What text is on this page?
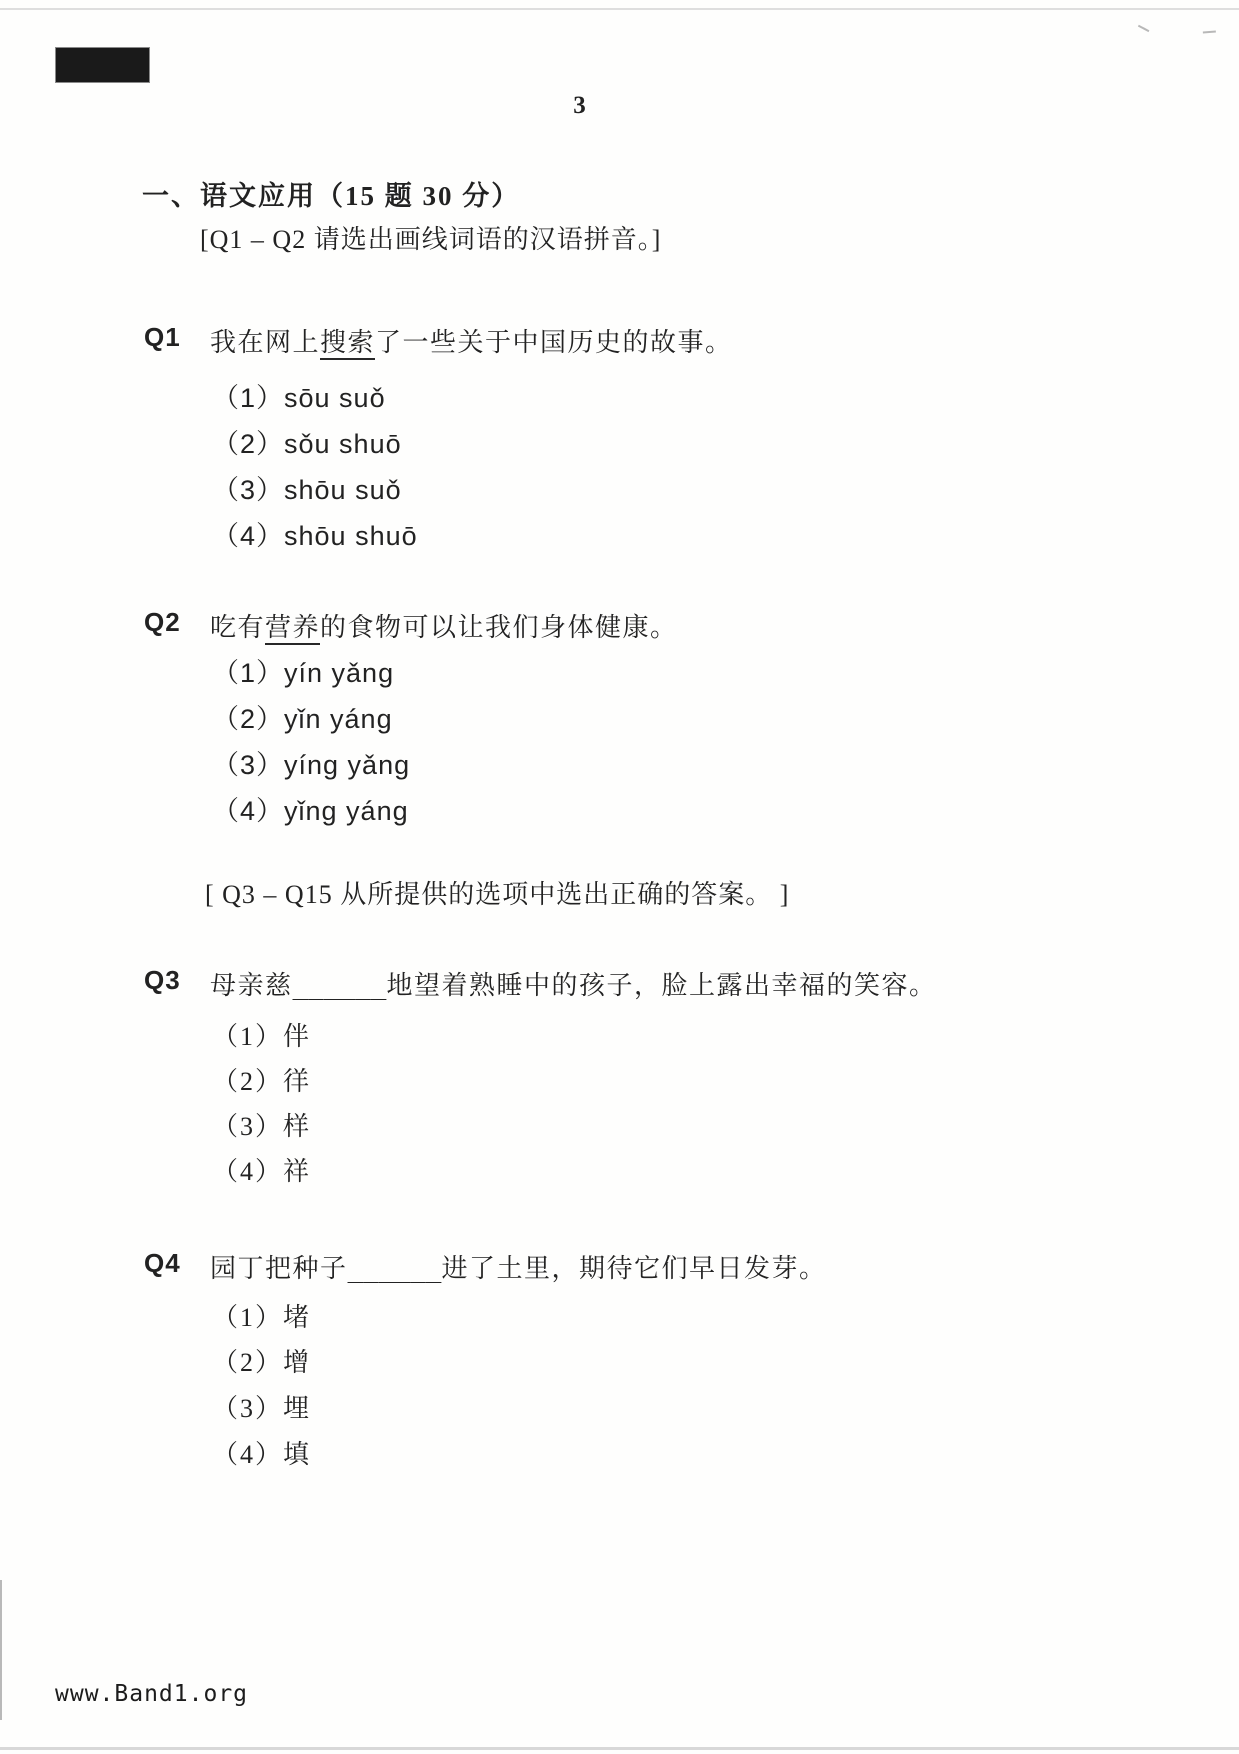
3
一、语文应用（15 题 30 分）
[Q1 – Q2 请选出画线词语的汉语拼音。]
Q1 我在网上搜索了一些关于中国历史的故事。
（1）sōu suǒ
（2）sǒu shuō
（3）shōu suǒ
（4）shōu shuō
Q2 吃有营养的食物可以让我们身体健康。
（1）yín yǎng
（2）yǐn yáng
（3）yíng yǎng
（4）yǐng yáng
[ Q3 – Q15 从所提供的选项中选出正确的答案。 ]
Q3 母亲慈______地望着熟睡中的孩子，脸上露出幸福的笑容。
（1）伴
（2）徉
（3）样
（4）祥
Q4 园丁把种子______进了土里，期待它们早日发芽。
（1）堵
（2）增
（3）埋
（4）填
www.Band1.org
